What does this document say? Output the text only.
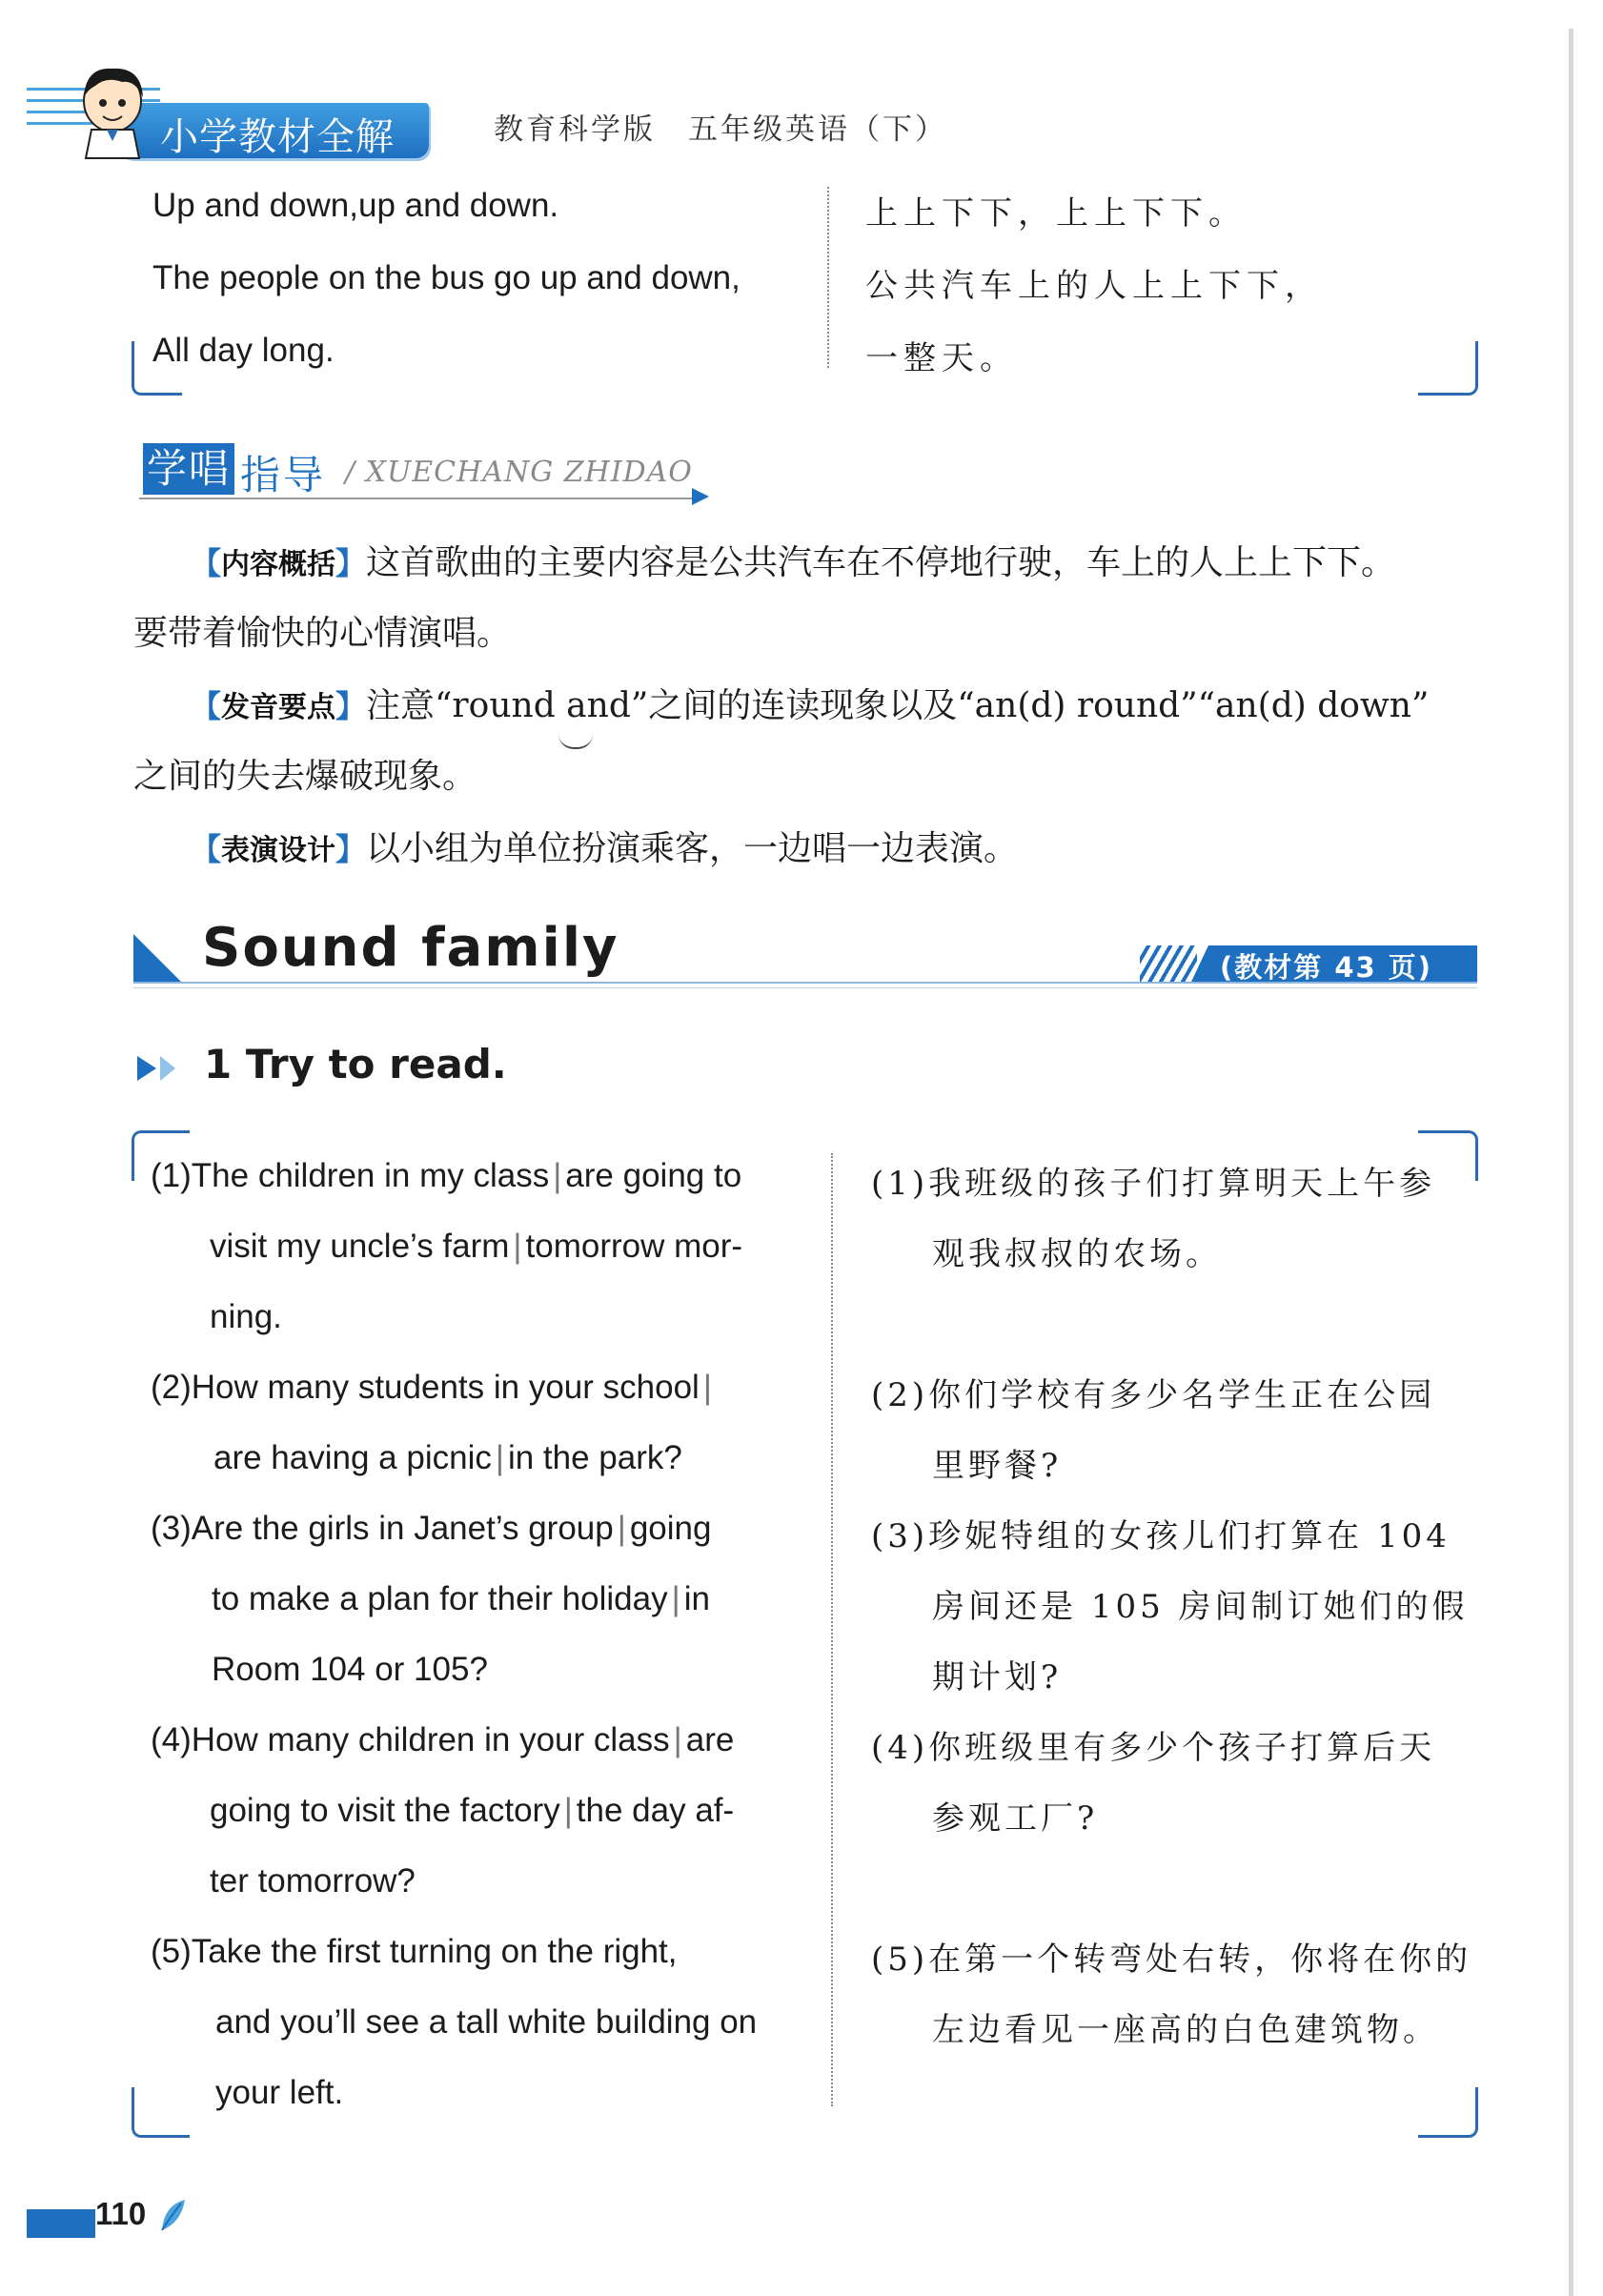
小学教材全解	教育科学版 五年级英语（下）
Up and down,up and down.
The people on the bus go up and down,
All day long.
上上下下，上上下下。
公共汽车上的人上上下下，
一整天。
学唱 指导 / XUECHANG ZHIDAO
【内容概括】这首歌曲的主要内容是公共汽车在不停地行驶，车上的人上上下下。
要带着愉快的心情演唱。
【发音要点】注意“round and”之间的连读现象以及“an(d) round”“an(d) down”
之间的失去爆破现象。
【表演设计】以小组为单位扮演乘客，一边唱一边表演。
Sound family	(教材第 43 页)
1 Try to read.
(1)The children in my class | are going to
visit my uncle’s farm | tomorrow mor-
ning.
(1)我班级的孩子们打算明天上午参
观我叔叔的农场。
(2)How many students in your school |
are having a picnic | in the park?
(2)你们学校有多少名学生正在公园
里野餐?
(3)Are the girls in Janet’s group | going
to make a plan for their holiday | in
Room 104 or 105?
(3)珍妮特组的女孩儿们打算在 104
房间还是 105 房间制订她们的假
期计划?
(4)How many children in your class | are
going to visit the factory | the day af-
ter tomorrow?
(4)你班级里有多少个孩子打算后天
参观工厂?
(5)Take the first turning on the right,
and you’ll see a tall white building on
your left.
(5)在第一个转弯处右转，你将在你的
左边看见一座高的白色建筑物。
110
